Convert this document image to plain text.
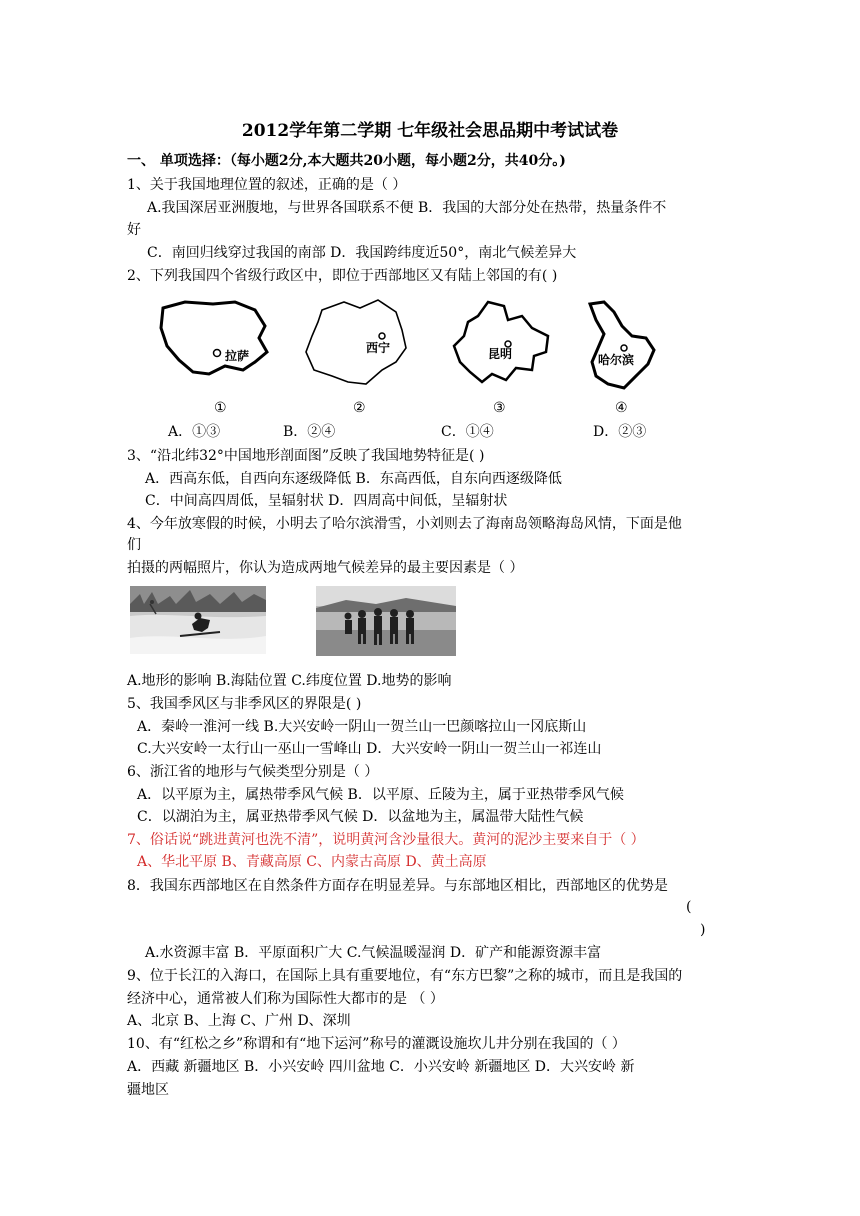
2012学年第二学期 七年级社会思品期中考试试卷
一、 单项选择：（每小题2分,本大题共20小题，每小题2分，共40分。)
1、关于我国地理位置的叙述，正确的是（ ）
A.我国深居亚洲腹地，与世界各国联系不便 B．我国的大部分处在热带，热量条件不
好
C．南回归线穿过我国的南部 D．我国跨纬度近50°，南北气候差异大
2、下列我国四个省级行政区中，即位于西部地区又有陆上邻国的有( )
拉萨
西宁	昆明	哈尔滨
①	②	③	④
A．①③	B．②④	C．①④	D．②③
3、“沿北纬32°中国地形剖面图”反映了我国地势特征是( )
A．西高东低，自西向东逐级降低 B．东高西低，自东向西逐级降低
C．中间高四周低，呈辐射状 D．四周高中间低，呈辐射状
4、今年放寒假的时候，小明去了哈尔滨滑雪，小刘则去了海南岛领略海岛风情，下面是他
们
拍摄的两幅照片，你认为造成两地气候差异的最主要因素是（ ）
A.地形的影响 B.海陆位置 C.纬度位置 D.地势的影响
5、我国季风区与非季风区的界限是( )
A．秦岭一淮河一线 B.大兴安岭一阴山一贺兰山一巴颜喀拉山一冈底斯山
C.大兴安岭一太行山一巫山一雪峰山 D．大兴安岭一阴山一贺兰山一祁连山
6、浙江省的地形与气候类型分别是（ ）
A．以平原为主，属热带季风气候 B．以平原、丘陵为主，属于亚热带季风气候
C．以湖泊为主，属亚热带季风气候 D．以盆地为主，属温带大陆性气候
7、俗话说“跳进黄河也洗不清”，说明黄河含沙量很大。黄河的泥沙主要来自于（ ）
A、华北平原 B、青藏高原 C、内蒙古高原 D、黄土高原
8．我国东西部地区在自然条件方面存在明显差异。与东部地区相比，西部地区的优势是
(
)
A.水资源丰富 B．平原面积广大 C.气候温暖湿润 D．矿产和能源资源丰富
9、位于长江的入海口，在国际上具有重要地位，有“东方巴黎”之称的城市，而且是我国的
经济中心，通常被人们称为国际性大都市的是 （ ）
A、北京 B、上海 C、广州 D、深圳
10、有“红松之乡”称谓和有“地下运河”称号的灌溉设施坎儿井分别在我国的（ ）
A．西藏 新疆地区 B．小兴安岭 四川盆地 C．小兴安岭 新疆地区 D．大兴安岭 新
疆地区
